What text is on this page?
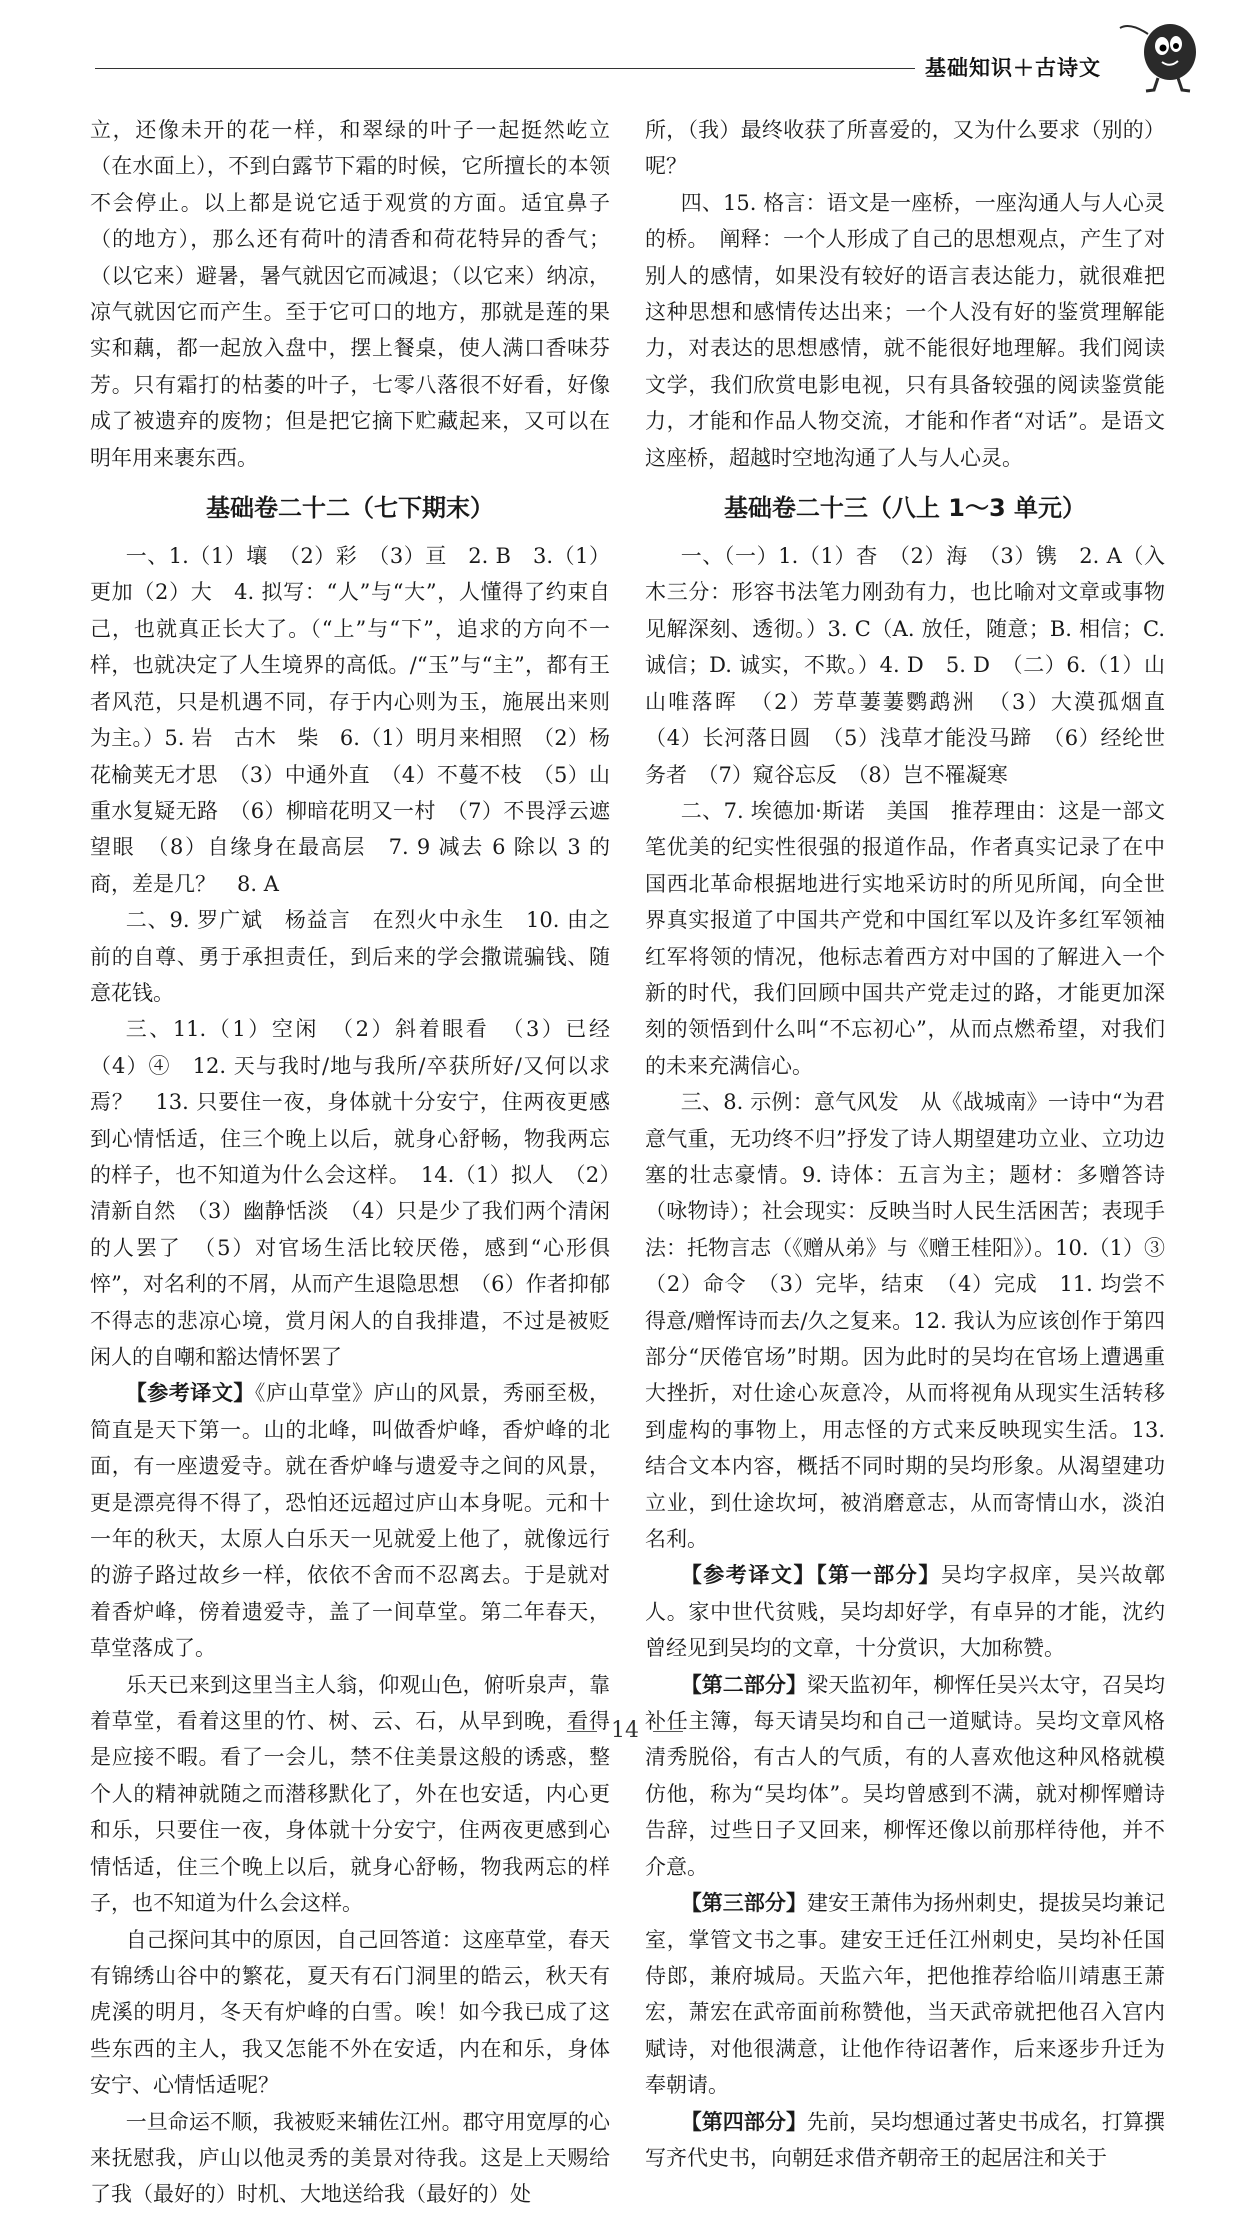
基础知识＋古诗文

立，还像未开的花一样，和翠绿的叶子一起挺然屹立（在水面上），不到白露节下霜的时候，它所擅长的本领不会停止。以上都是说它适于观赏的方面。适宜鼻子（的地方），那么还有荷叶的清香和荷花特异的香气；（以它来）避暑，暑气就因它而减退；（以它来）纳凉，凉气就因它而产生。至于它可口的地方，那就是莲的果实和藕，都一起放入盘中，摆上餐桌，使人满口香味芬芳。只有霜打的枯萎的叶子，七零八落很不好看，好像成了被遗弃的废物；但是把它摘下贮藏起来，又可以在明年用来裹东西。

基础卷二十二（七下期末）

一、1.（1）壤　（2）彩　（3）亘　2. B　3.（1）更加（2）大　4. 拟写：“人”与“大”，人懂得了约束自己，也就真正长大了。（“上”与“下”，追求的方向不一样，也就决定了人生境界的高低。/“玉”与“主”，都有王者风范，只是机遇不同，存于内心则为玉，施展出来则为主。）5. 岩　古木　柴　6.（1）明月来相照　（2）杨花榆荚无才思　（3）中通外直　（4）不蔓不枝　（5）山重水复疑无路　（6）柳暗花明又一村　（7）不畏浮云遮望眼　（8）自缘身在最高层　7. 9 减去 6 除以 3 的商，差是几？　8. A

二、9. 罗广斌　杨益言　在烈火中永生　10. 由之前的自尊、勇于承担责任，到后来的学会撒谎骗钱、随意花钱。

三、11.（1）空闲　（2）斜着眼看　（3）已经　（4）④　12. 天与我时/地与我所/卒获所好/又何以求焉？　13. 只要住一夜，身体就十分安宁，住两夜更感到心情恬适，住三个晚上以后，就身心舒畅，物我两忘的样子，也不知道为什么会这样。　14.（1）拟人　（2）清新自然　（3）幽静恬淡　（4）只是少了我们两个清闲的人罢了　（5）对官场生活比较厌倦，感到“心形俱悴”，对名利的不屑，从而产生退隐思想　（6）作者抑郁不得志的悲凉心境，赏月闲人的自我排遣，不过是被贬闲人的自嘲和豁达情怀罢了

【参考译文】《庐山草堂》庐山的风景，秀丽至极，简直是天下第一。山的北峰，叫做香炉峰，香炉峰的北面，有一座遗爱寺。就在香炉峰与遗爱寺之间的风景，更是漂亮得不得了，恐怕还远超过庐山本身呢。元和十一年的秋天，太原人白乐天一见就爱上他了，就像远行的游子路过故乡一样，依依不舍而不忍离去。于是就对着香炉峰，傍着遗爱寺，盖了一间草堂。第二年春天，草堂落成了。

乐天已来到这里当主人翁，仰观山色，俯听泉声，靠着草堂，看着这里的竹、树、云、石，从早到晚，看得是应接不暇。看了一会儿，禁不住美景这般的诱惑，整个人的精神就随之而潜移默化了，外在也安适，内心更和乐，只要住一夜，身体就十分安宁，住两夜更感到心情恬适，住三个晚上以后，就身心舒畅，物我两忘的样子，也不知道为什么会这样。

自己探问其中的原因，自己回答道：这座草堂，春天有锦绣山谷中的繁花，夏天有石门洞里的皓云，秋天有虎溪的明月，冬天有炉峰的白雪。唉！如今我已成了这些东西的主人，我又怎能不外在安适，内在和乐，身体安宁、心情恬适呢？

一旦命运不顺，我被贬来辅佐江州。郡守用宽厚的心来抚慰我，庐山以他灵秀的美景对待我。这是上天赐给了我（最好的）时机、大地送给我（最好的）处

所，（我）最终收获了所喜爱的，又为什么要求（别的）呢？

四、15. 格言：语文是一座桥，一座沟通人与人心灵的桥。　阐释：一个人形成了自己的思想观点，产生了对别人的感情，如果没有较好的语言表达能力，就很难把这种思想和感情传达出来；一个人没有好的鉴赏理解能力，对表达的思想感情，就不能很好地理解。我们阅读文学，我们欣赏电影电视，只有具备较强的阅读鉴赏能力，才能和作品人物交流，才能和作者“对话”。是语文这座桥，超越时空地沟通了人与人心灵。

基础卷二十三（八上 1～3 单元）

一、（一）1.（1）杳　（2）海　（3）镌　2. A（入木三分：形容书法笔力刚劲有力，也比喻对文章或事物见解深刻、透彻。）3. C（A. 放任，随意；B. 相信；C. 诚信；D. 诚实，不欺。）4. D　5. D　（二）6.（1）山山唯落晖　（2）芳草萋萋鹦鹉洲　（3）大漠孤烟直　（4）长河落日圆　（5）浅草才能没马蹄　（6）经纶世务者　（7）窥谷忘反　（8）岂不罹凝寒

二、7. 埃德加·斯诺　美国　推荐理由：这是一部文笔优美的纪实性很强的报道作品，作者真实记录了在中国西北革命根据地进行实地采访时的所见所闻，向全世界真实报道了中国共产党和中国红军以及许多红军领袖红军将领的情况，他标志着西方对中国的了解进入一个新的时代，我们回顾中国共产党走过的路，才能更加深刻的领悟到什么叫“不忘初心”，从而点燃希望，对我们的未来充满信心。

三、8. 示例：意气风发　从《战城南》一诗中“为君意气重，无功终不归”抒发了诗人期望建功立业、立功边塞的壮志豪情。9. 诗体：五言为主；题材：多赠答诗（咏物诗）；社会现实：反映当时人民生活困苦；表现手法：托物言志（《赠从弟》与《赠王桂阳》）。10.（1）③　（2）命令　（3）完毕，结束　（4）完成　11. 均尝不得意/赠恽诗而去/久之复来。12. 我认为应该创作于第四部分“厌倦官场”时期。因为此时的吴均在官场上遭遇重大挫折，对仕途心灰意冷，从而将视角从现实生活转移到虚构的事物上，用志怪的方式来反映现实生活。13. 结合文本内容，概括不同时期的吴均形象。从渴望建功立业，到仕途坎坷，被消磨意志，从而寄情山水，淡泊名利。

【参考译文】【第一部分】吴均字叔庠，吴兴故鄣人。家中世代贫贱，吴均却好学，有卓异的才能，沈约曾经见到吴均的文章，十分赏识，大加称赞。

【第二部分】梁天监初年，柳恽任吴兴太守，召吴均补任主簿，每天请吴均和自己一道赋诗。吴均文章风格清秀脱俗，有古人的气质，有的人喜欢他这种风格就模仿他，称为“吴均体”。吴均曾感到不满，就对柳恽赠诗告辞，过些日子又回来，柳恽还像以前那样待他，并不介意。

【第三部分】建安王萧伟为扬州刺史，提拔吴均兼记室，掌管文书之事。建安王迁任江州刺史，吴均补任国侍郎，兼府城局。天监六年，把他推荐给临川靖惠王萧宏，萧宏在武帝面前称赞他，当天武帝就把他召入宫内赋诗，对他很满意，让他作待诏著作，后来逐步升迁为奉朝请。

【第四部分】先前，吴均想通过著史书成名，打算撰写齐代史书，向朝廷求借齐朝帝王的起居注和关于

14
